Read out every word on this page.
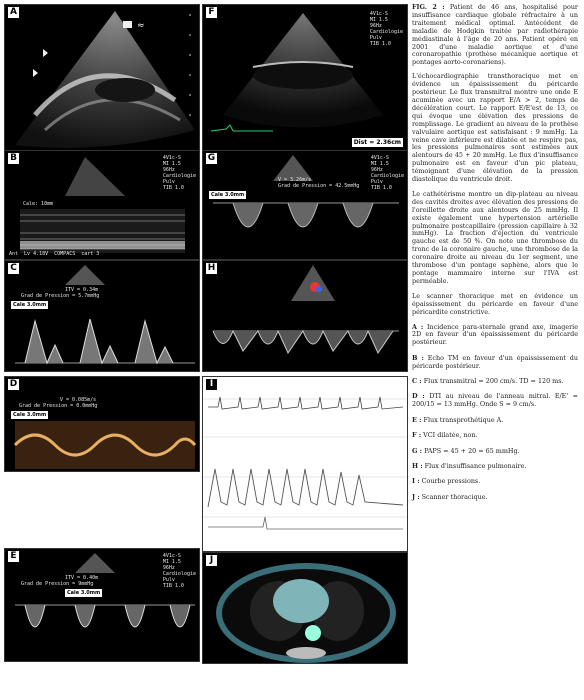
A
≈
F	4V1c-S
MI 1.5
96Hz
Cardiologie
Pulv
TIB 1.0
Dist = 2.36cm
B	4V1c-S
MI 1.5
96Hz
Cardiologie
Pulv
TIB 1.0
Cale: 10mm
Ant  Lv 4.18V  COMPACS  cart 3
G	4V1c-S
MI 1.5
96Hz
Cardiologie
Pulv
TIB 1.0
V = 3.26m/s
Grad de Pression = 42.5mmHg
Cale 3.0mm
C
ITV = 0.34m
Grad de Pression = 5.7mmHg
Cale 3.0mm
H
D
V = 0.085m/s
Grad de Pression = 0.0mmHg
Cale 3.0mm
I
E	4V1c-S
MI 1.5
96Hz
Cardiologie
Pulv
TIB 1.0
ITV = 0.40m
Grad de Pression = 9mmHg
Cale 3.0mm
J

FIG. 2 : Patient de 46 ans, hospitalisé pour insuffisance cardiaque globale réfractaire à un traitement médical optimal. Antécédent de maladie de Hodgkin traitée par radiothérapie médiastinale à l'âge de 20 ans. Patient opéré en 2001 d'une maladie aortique et d'une coronaropathie (prothèse mécanique aortique et pontages aorto-coronariens).

L'échocardiographie transthoracique met en évidence un épaississement du péricarde postérieur. Le flux transmitral montre une onde E acuminée avec un rapport E/A > 2, temps de décélération court. Le rapport E/E'est de 13, ce qui évoque une élévation des pressions de remplissage. Le gradient au niveau de la prothèse valvulaire aortique est satisfaisant : 9 mmHg. La veine cave inférieure est dilatée et ne respire pas, les pressions pulmonaires sont estimées aux alentours de 45 + 20 mmHg. Le flux d'insuffisance pulmonaire est en faveur d'un pic plateau, témoignant d'une élévation de la pression diastolique du ventricule droit.

Le cathétérisme montre un dip-plateau au niveau des cavités droites avec élévation des pressions de l'oreillette droite aux alentours de 25 mmHg. Il existe également une hypertension artérielle pulmonaire postcapillaire (pression capillaire à 32 mmHg). La fraction d'éjection du ventricule gauche est de 50 %. On note une thrombose du tronc de la coronaire gauche, une thrombose de la coronaire droite au niveau du 1er segment, une thrombose d'un pontage saphène, alors que le pontage mammaire interne sur l'IVA est perméable.

Le scanner thoracique met en évidence un épaississement du péricarde en faveur d'une péricardite constrictive.

A : Incidence para-sternale grand axe, imagerie 2D en faveur d'un épaississement du péricarde postérieur.

B : Echo TM en faveur d'un épaississement du péricarde postérieur.

C : Flux transmitral = 200 cm/s. TD = 120 ms.

D : DTI au niveau de l'anneau mitral. E/E' = 200/15 = 13 mmHg. Onde S = 9 cm/s.

E : Flux transprothétique A.

F : VCI dilatée, non.

G : PAPS = 45 + 20 = 65 mmHg.

H : Flux d'insuffisance pulmonaire.

I : Courbe pressions.

J : Scanner thoracique.
